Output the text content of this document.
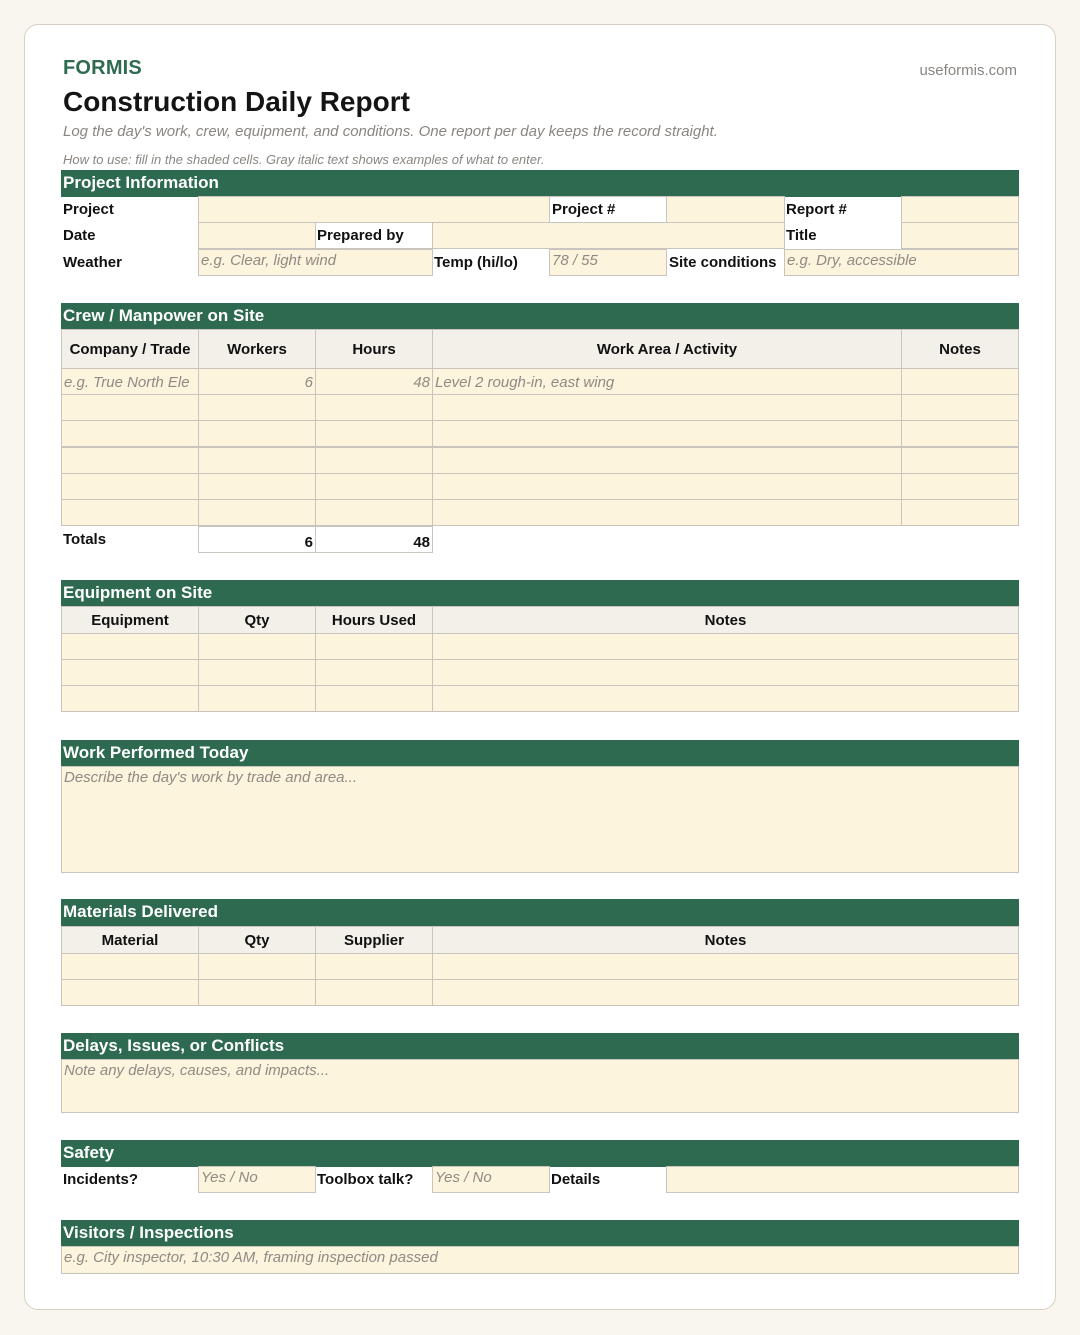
FORMIS	useformis.com
Construction Daily Report
Log the day's work, crew, equipment, and conditions. One report per day keeps the record straight.
How to use: fill in the shaded cells. Gray italic text shows examples of what to enter.
Project Information
Project	Project #	Report #
Date	Prepared by	Title
Weather	e.g. Clear, light wind	Temp (hi/lo) 78 / 55	Site conditions e.g. Dry, accessible
Crew / Manpower on Site
Company / Trade	Workers	Hours	Work Area / Activity	Notes
e.g. True North Ele	6	48 Level 2 rough-in, east wing
Totals	6	48
Equipment on Site
Equipment	Qty	Hours Used	Notes
Work Performed Today
Describe the day's work by trade and area...
Materials Delivered
Material	Qty	Supplier	Notes
Delays, Issues, or Conflicts
Note any delays, causes, and impacts...
Safety
Incidents?	Yes / No	Toolbox talk? Yes / No	Details
Visitors / Inspections
e.g. City inspector, 10:30 AM, framing inspection passed
